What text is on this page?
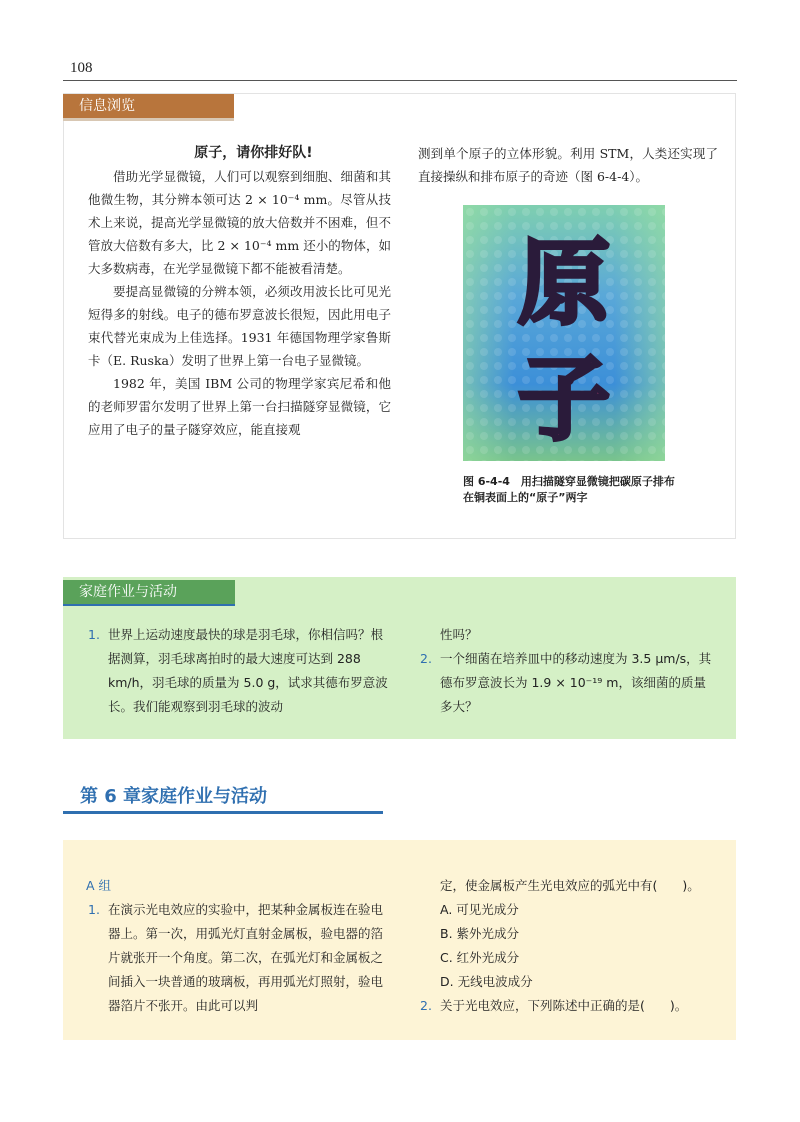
108
信息浏览

原子，请你排好队!

借助光学显微镜，人们可以观察到细胞、细菌和其他微生物，其分辨本领可达 2 × 10⁻⁴ mm。尽管从技术上来说，提高光学显微镜的放大倍数并不困难，但不管放大倍数有多大，比 2 × 10⁻⁴ mm 还小的物体，如大多数病毒，在光学显微镜下都不能被看清楚。

要提高显微镜的分辨本领，必须改用波长比可见光短得多的射线。电子的德布罗意波长很短，因此用电子束代替光束成为上佳选择。1931 年德国物理学家鲁斯卡（E. Ruska）发明了世界上第一台电子显微镜。

1982 年，美国 IBM 公司的物理学家宾尼希和他的老师罗雷尔发明了世界上第一台扫描隧穿显微镜，它应用了电子的量子隧穿效应，能直接观

测到单个原子的立体形貌。利用 STM，人类还实现了直接操纵和排布原子的奇迹（图 6-4-4）。

原
子
图 6-4-4　用扫描隧穿显微镜把碳原子排布在铜表面上的“原子”两字
家庭作业与活动
1. 世界上运动速度最快的球是羽毛球，你相信吗？根据测算，羽毛球离拍时的最大速度可达到 288 km/h，羽毛球的质量为 5.0 g，试求其德布罗意波长。我们能观察到羽毛球的波动
性吗？
2. 一个细菌在培养皿中的移动速度为 3.5 μm/s，其德布罗意波长为 1.9 × 10⁻¹⁹ m，该细菌的质量多大？
第 6 章家庭作业与活动
A 组
1. 在演示光电效应的实验中，把某种金属板连在验电器上。第一次，用弧光灯直射金属板，验电器的箔片就张开一个角度。第二次，在弧光灯和金属板之间插入一块普通的玻璃板，再用弧光灯照射，验电器箔片不张开。由此可以判
定，使金属板产生光电效应的弧光中有(　　)。
A. 可见光成分
B. 紫外光成分
C. 红外光成分
D. 无线电波成分
2. 关于光电效应，下列陈述中正确的是(　　)。
